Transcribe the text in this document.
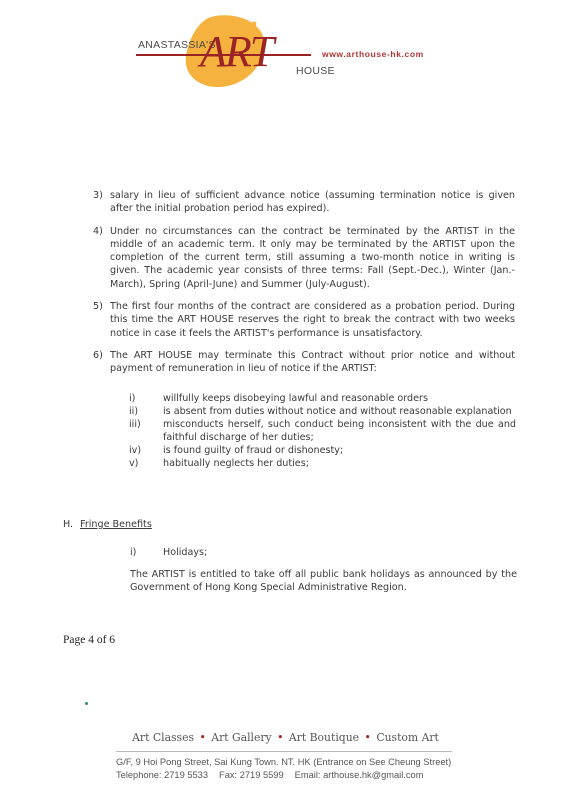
ANASTASSIA'S
ART HOUSE
www.arthouse-hk.com
3) salary in lieu of sufficient advance notice (assuming termination notice is given after the initial probation period has expired).
4) Under no circumstances can the contract be terminated by the ARTIST in the middle of an academic term. It only may be terminated by the ARTIST upon the completion of the current term, still assuming a two-month notice in writing is given. The academic year consists of three terms: Fall (Sept.-Dec.), Winter (Jan.-March), Spring (April-June) and Summer (July-August).
5) The first four months of the contract are considered as a probation period. During this time the ART HOUSE reserves the right to break the contract with two weeks notice in case it feels the ARTIST's performance is unsatisfactory.
6) The ART HOUSE may terminate this Contract without prior notice and without payment of remuneration in lieu of notice if the ARTIST:
i)	willfully keeps disobeying lawful and reasonable orders
ii)	is absent from duties without notice and without reasonable explanation
iii)	misconducts herself, such conduct being inconsistent with the due and faithful discharge of her duties;
iv)	is found guilty of fraud or dishonesty;
v)	habitually neglects her duties;
H. Fringe Benefits
i)	Holidays;
The ARTIST is entitled to take off all public bank holidays as announced by the Government of Hong Kong Special Administrative Region.
Page 4 of 6
Art Classes • Art Gallery • Art Boutique • Custom Art
G/F, 9 Hoi Pong Street, Sai Kung Town. NT. HK (Entrance on See Cheung Street)
Telephone: 2719 5533 Fax: 2719 5599 Email: arthouse.hk@gmail.com
